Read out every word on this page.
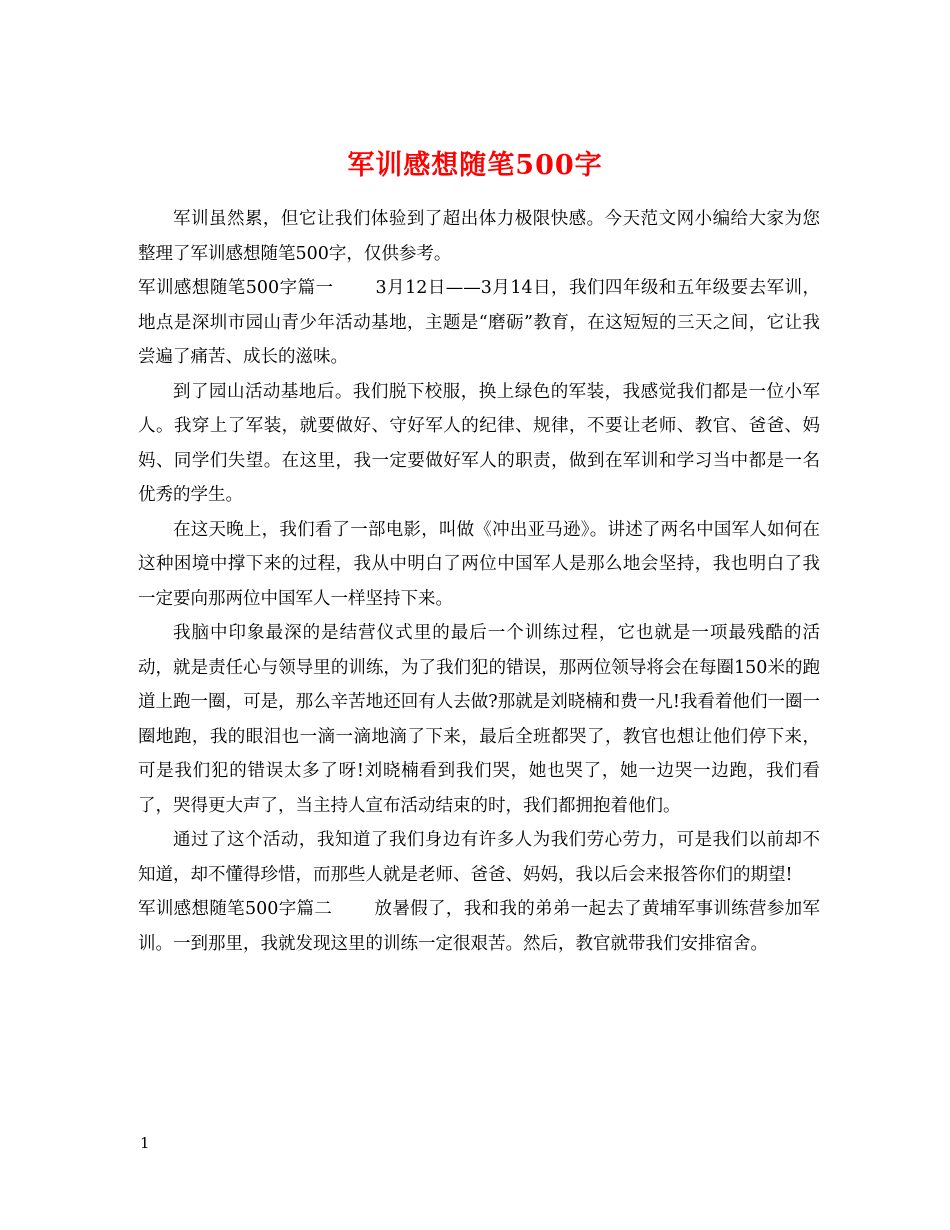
军训感想随笔500字

军训虽然累，但它让我们体验到了超出体力极限快感。今天范文网小编给大家为您整理了军训感想随笔500字，仅供参考。

军训感想随笔500字篇一 3月12日——3月14日，我们四年级和五年级要去军训，地点是深圳市园山青少年活动基地，主题是“磨砺”教育，在这短短的三天之间，它让我尝遍了痛苦、成长的滋味。

到了园山活动基地后。我们脱下校服，换上绿色的军装，我感觉我们都是一位小军人。我穿上了军装，就要做好、守好军人的纪律、规律，不要让老师、教官、爸爸、妈妈、同学们失望。在这里，我一定要做好军人的职责，做到在军训和学习当中都是一名优秀的学生。

在这天晚上，我们看了一部电影，叫做《冲出亚马逊》。讲述了两名中国军人如何在这种困境中撑下来的过程，我从中明白了两位中国军人是那么地会坚持，我也明白了我一定要向那两位中国军人一样坚持下来。

我脑中印象最深的是结营仪式里的最后一个训练过程，它也就是一项最残酷的活动，就是责任心与领导里的训练，为了我们犯的错误，那两位领导将会在每圈150米的跑道上跑一圈，可是，那么辛苦地还回有人去做?那就是刘晓楠和费一凡!我看着他们一圈一圈地跑，我的眼泪也一滴一滴地滴了下来，最后全班都哭了，教官也想让他们停下来，可是我们犯的错误太多了呀!刘晓楠看到我们哭，她也哭了，她一边哭一边跑，我们看了，哭得更大声了，当主持人宣布活动结束的时，我们都拥抱着他们。

通过了这个活动，我知道了我们身边有许多人为我们劳心劳力，可是我们以前却不知道，却不懂得珍惜，而那些人就是老师、爸爸、妈妈，我以后会来报答你们的期望!

军训感想随笔500字篇二 放暑假了，我和我的弟弟一起去了黄埔军事训练营参加军训。一到那里，我就发现这里的训练一定很艰苦。然后，教官就带我们安排宿舍。

1
